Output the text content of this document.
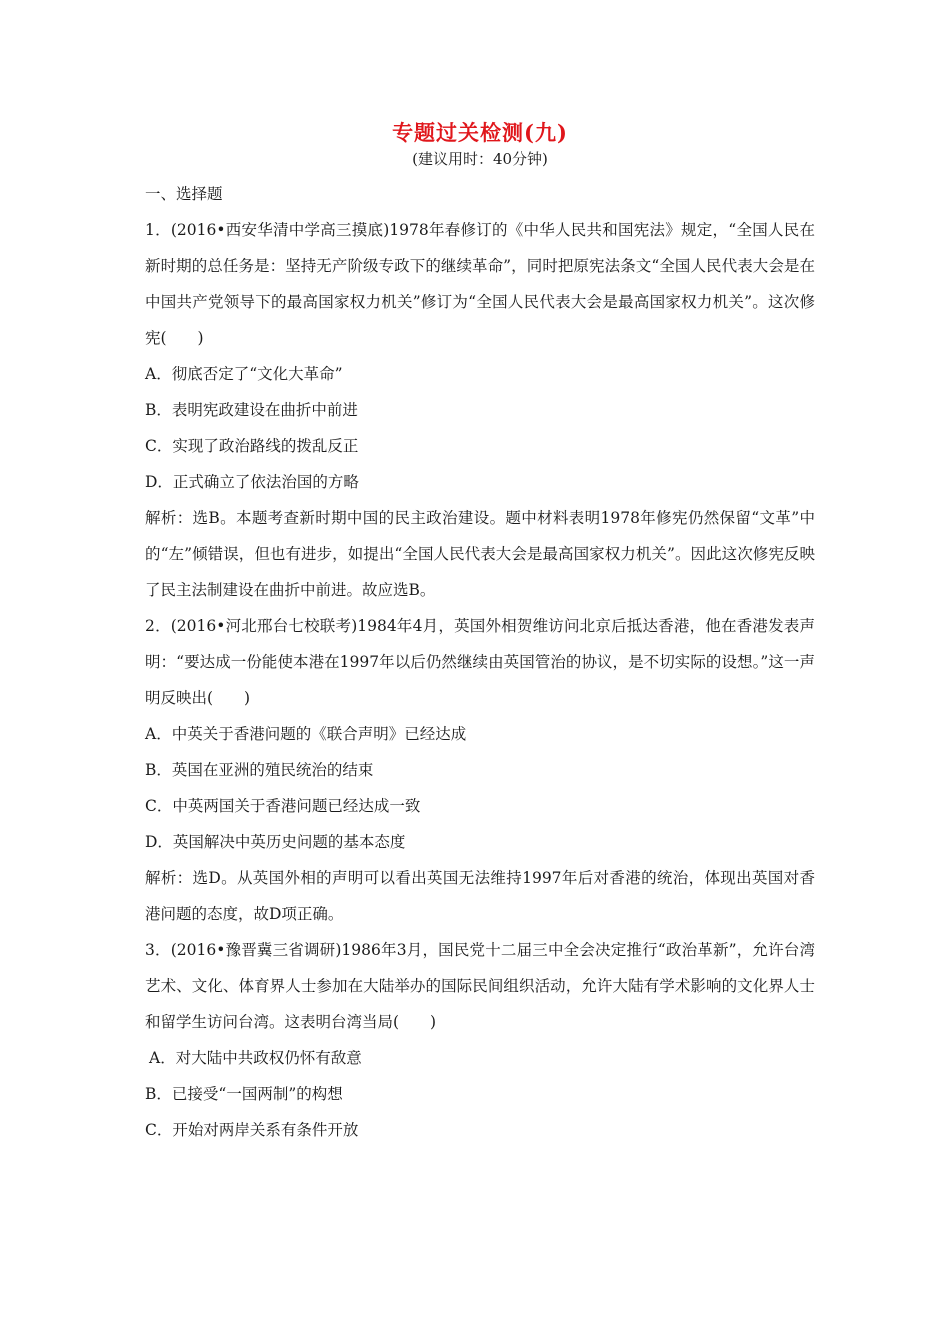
专题过关检测(九)
(建议用时：40分钟)
一、选择题

1．(2016•西安华清中学高三摸底)1978年春修订的《中华人民共和国宪法》规定，“全国人民在新时期的总任务是：坚持无产阶级专政下的继续革命”，同时把原宪法条文“全国人民代表大会是在中国共产党领导下的最高国家权力机关”修订为“全国人民代表大会是最高国家权力机关”。这次修宪(　　)

A．彻底否定了“文化大革命”

B．表明宪政建设在曲折中前进

C．实现了政治路线的拨乱反正

D．正式确立了依法治国的方略

解析：选B。本题考查新时期中国的民主政治建设。题中材料表明1978年修宪仍然保留“文革”中的“左”倾错误，但也有进步，如提出“全国人民代表大会是最高国家权力机关”。因此这次修宪反映了民主法制建设在曲折中前进。故应选B。

2．(2016•河北邢台七校联考)1984年4月，英国外相贺维访问北京后抵达香港，他在香港发表声明：“要达成一份能使本港在1997年以后仍然继续由英国管治的协议，是不切实际的设想。”这一声明反映出(　　)

A．中英关于香港问题的《联合声明》已经达成

B．英国在亚洲的殖民统治的结束

C．中英两国关于香港问题已经达成一致

D．英国解决中英历史问题的基本态度

解析：选D。从英国外相的声明可以看出英国无法维持1997年后对香港的统治，体现出英国对香港问题的态度，故D项正确。

3．(2016•豫晋冀三省调研)1986年3月，国民党十二届三中全会决定推行“政治革新”，允许台湾艺术、文化、体育界人士参加在大陆举办的国际民间组织活动，允许大陆有学术影响的文化界人士和留学生访问台湾。这表明台湾当局(　　)

A．对大陆中共政权仍怀有敌意

B．已接受“一国两制”的构想

C．开始对两岸关系有条件开放
